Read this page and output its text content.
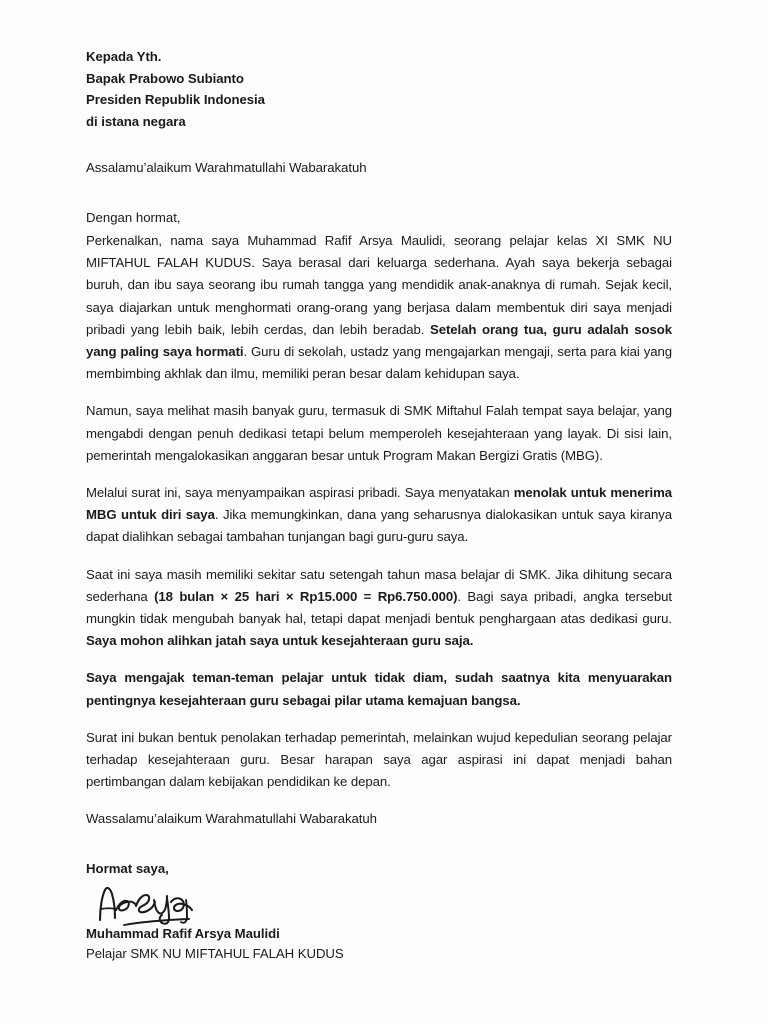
Kepada Yth.
Bapak Prabowo Subianto
Presiden Republik Indonesia
di istana negara
Assalamu’alaikum Warahmatullahi Wabarakatuh
Dengan hormat,

Perkenalkan, nama saya Muhammad Rafif Arsya Maulidi, seorang pelajar kelas XI SMK NU MIFTAHUL FALAH KUDUS. Saya berasal dari keluarga sederhana. Ayah saya bekerja sebagai buruh, dan ibu saya seorang ibu rumah tangga yang mendidik anak-anaknya di rumah. Sejak kecil, saya diajarkan untuk menghormati orang-orang yang berjasa dalam membentuk diri saya menjadi pribadi yang lebih baik, lebih cerdas, dan lebih beradab. Setelah orang tua, guru adalah sosok yang paling saya hormati. Guru di sekolah, ustadz yang mengajarkan mengaji, serta para kiai yang membimbing akhlak dan ilmu, memiliki peran besar dalam kehidupan saya.

Namun, saya melihat masih banyak guru, termasuk di SMK Miftahul Falah tempat saya belajar, yang mengabdi dengan penuh dedikasi tetapi belum memperoleh kesejahteraan yang layak. Di sisi lain, pemerintah mengalokasikan anggaran besar untuk Program Makan Bergizi Gratis (MBG).

Melalui surat ini, saya menyampaikan aspirasi pribadi. Saya menyatakan menolak untuk menerima MBG untuk diri saya. Jika memungkinkan, dana yang seharusnya dialokasikan untuk saya kiranya dapat dialihkan sebagai tambahan tunjangan bagi guru-guru saya.

Saat ini saya masih memiliki sekitar satu setengah tahun masa belajar di SMK. Jika dihitung secara sederhana (18 bulan × 25 hari × Rp15.000 = Rp6.750.000). Bagi saya pribadi, angka tersebut mungkin tidak mengubah banyak hal, tetapi dapat menjadi bentuk penghargaan atas dedikasi guru. Saya mohon alihkan jatah saya untuk kesejahteraan guru saja.

Saya mengajak teman-teman pelajar untuk tidak diam, sudah saatnya kita menyuarakan pentingnya kesejahteraan guru sebagai pilar utama kemajuan bangsa.

Surat ini bukan bentuk penolakan terhadap pemerintah, melainkan wujud kepedulian seorang pelajar terhadap kesejahteraan guru. Besar harapan saya agar aspirasi ini dapat menjadi bahan pertimbangan dalam kebijakan pendidikan ke depan.

Wassalamu’alaikum Warahmatullahi Wabarakatuh
Hormat saya,
Muhammad Rafif Arsya Maulidi
Pelajar SMK NU MIFTAHUL FALAH KUDUS
